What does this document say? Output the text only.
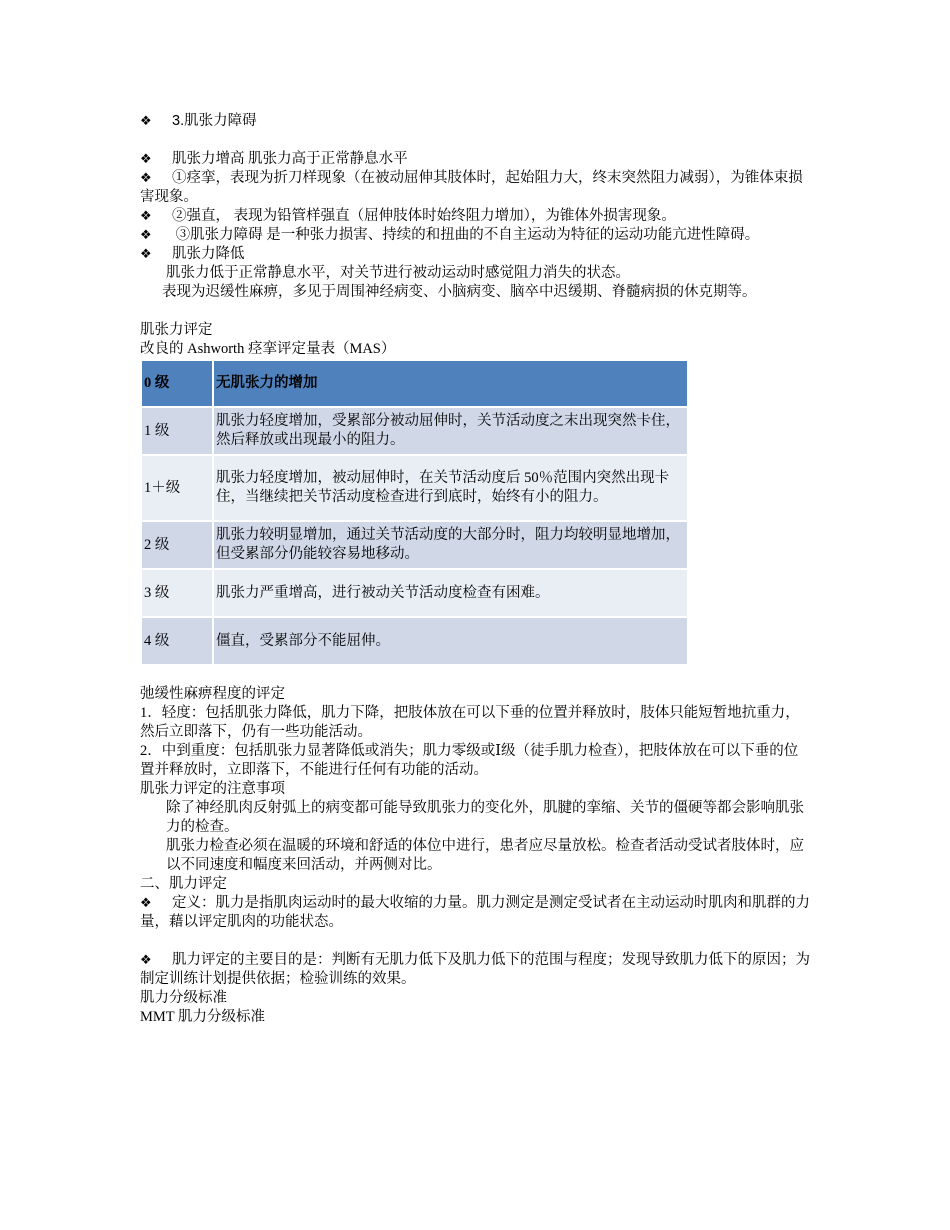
❖ 3.肌张力障碍

❖ 肌张力增高 肌张力高于正常静息水平

❖ ①痉挛，表现为折刀样现象（在被动屈伸其肢体时，起始阻力大，终末突然阻力减弱），为锥体束损害现象。

❖ ②强直， 表现为铅管样强直（屈伸肢体时始终阻力增加），为锥体外损害现象。

❖ ③肌张力障碍 是一种张力损害、持续的和扭曲的不自主运动为特征的运动功能亢进性障碍。

❖ 肌张力降低

肌张力低于正常静息水平，对关节进行被动运动时感觉阻力消失的状态。

表现为迟缓性麻痹，多见于周围神经病变、小脑病变、脑卒中迟缓期、脊髓病损的休克期等。

肌张力评定

改良的 Ashworth 痉挛评定量表（MAS）

0 级	无肌张力的增加
1 级	肌张力轻度增加，受累部分被动屈伸时，关节活动度之末出现突然卡住，然后释放或出现最小的阻力。
1＋级	肌张力轻度增加，被动屈伸时，在关节活动度后 50％范围内突然出现卡住，当继续把关节活动度检查进行到底时，始终有小的阻力。
2 级	肌张力较明显增加，通过关节活动度的大部分时，阻力均较明显地增加，但受累部分仍能较容易地移动。
3 级	肌张力严重增高，进行被动关节活动度检查有困难。
4 级	僵直，受累部分不能屈伸。

弛缓性麻痹程度的评定

1．轻度：包括肌张力降低，肌力下降，把肢体放在可以下垂的位置并释放时，肢体只能短暂地抗重力，然后立即落下，仍有一些功能活动。

2．中到重度：包括肌张力显著降低或消失；肌力零级或Ⅰ级（徒手肌力检查），把肢体放在可以下垂的位置并释放时，立即落下，不能进行任何有功能的活动。

肌张力评定的注意事项

除了神经肌肉反射弧上的病变都可能导致肌张力的变化外，肌腱的挛缩、关节的僵硬等都会影响肌张力的检查。

肌张力检查必须在温暖的环境和舒适的体位中进行，患者应尽量放松。检查者活动受试者肢体时，应以不同速度和幅度来回活动，并两侧对比。

二、肌力评定

❖ 定义：肌力是指肌肉运动时的最大收缩的力量。肌力测定是测定受试者在主动运动时肌肉和肌群的力量，藉以评定肌肉的功能状态。

❖ 肌力评定的主要目的是：判断有无肌力低下及肌力低下的范围与程度；发现导致肌力低下的原因；为制定训练计划提供依据；检验训练的效果。

肌力分级标准

MMT 肌力分级标准
